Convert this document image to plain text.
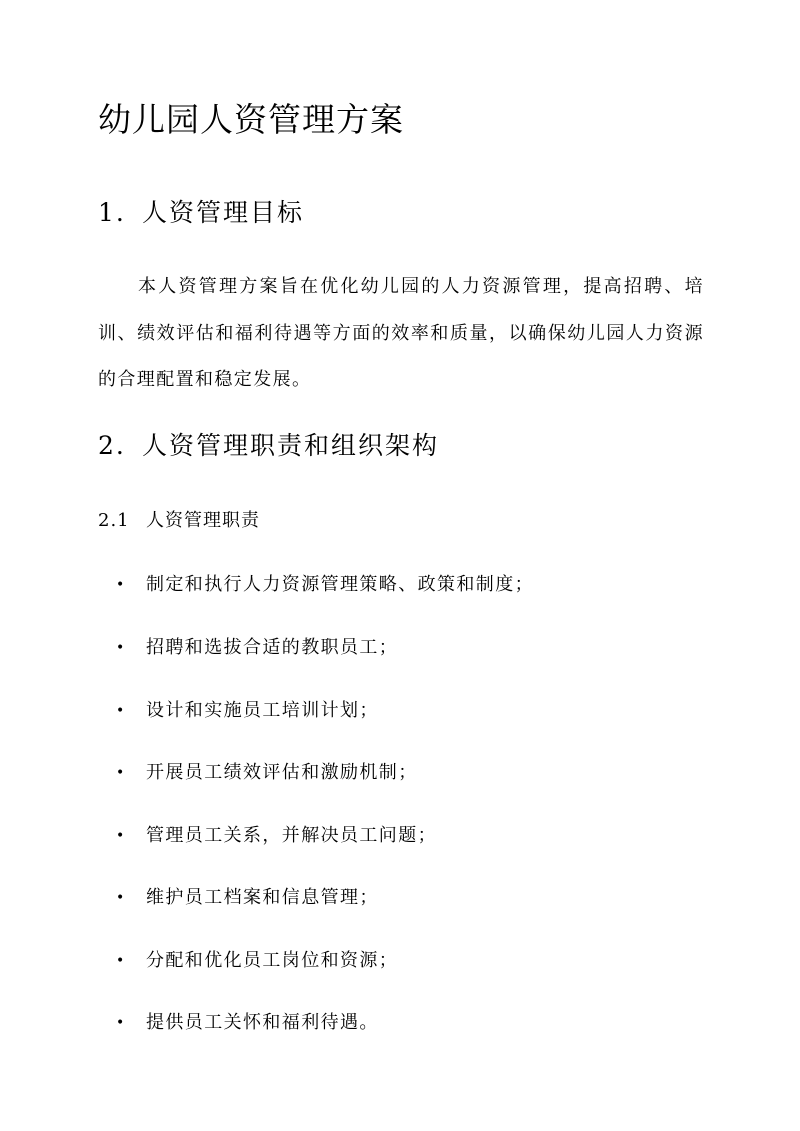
幼儿园人资管理方案
1. 人资管理目标

本人资管理方案旨在优化幼儿园的人力资源管理，提高招聘、培训、绩效评估和福利待遇等方面的效率和质量，以确保幼儿园人力资源的合理配置和稳定发展。

2. 人资管理职责和组织架构
2.1 人资管理职责
• 制定和执行人力资源管理策略、政策和制度；
• 招聘和选拔合适的教职员工；
• 设计和实施员工培训计划；
• 开展员工绩效评估和激励机制；
• 管理员工关系，并解决员工问题；
• 维护员工档案和信息管理；
• 分配和优化员工岗位和资源；
• 提供员工关怀和福利待遇。
